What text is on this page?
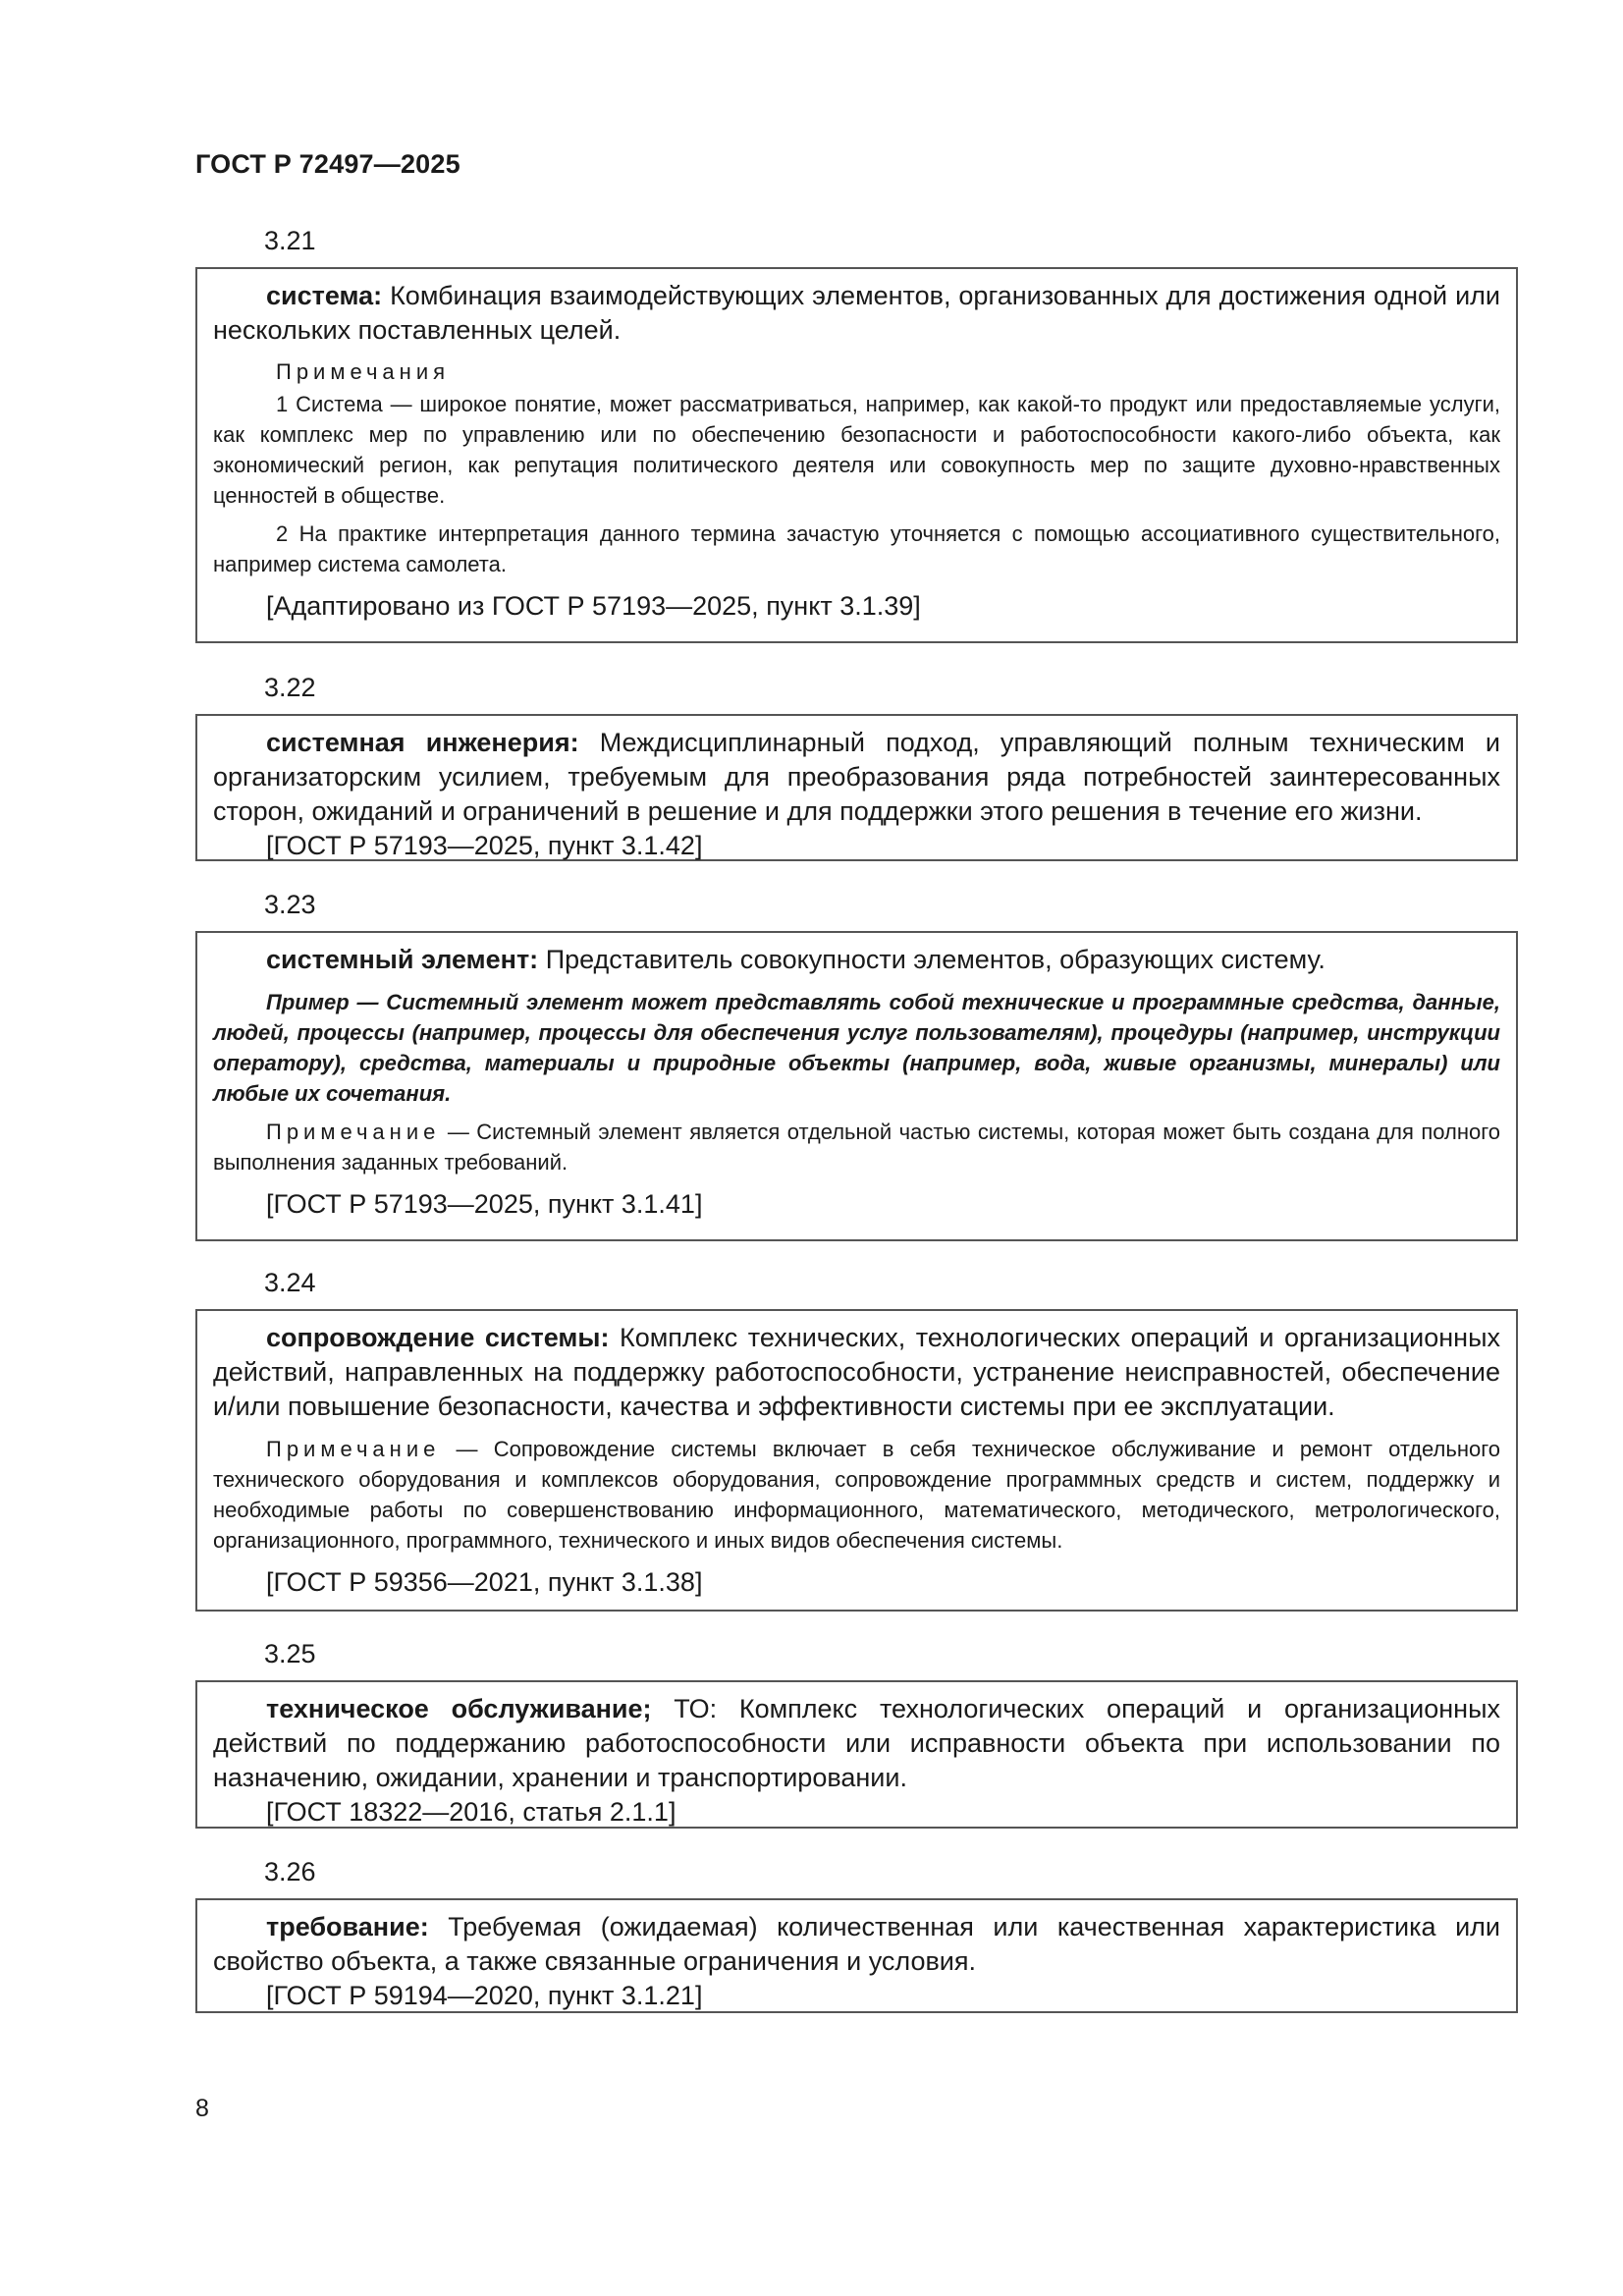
ГОСТ Р 72497—2025
3.21

система: Комбинация взаимодействующих элементов, организованных для достижения одной или нескольких поставленных целей.

Примечания

1 Система — широкое понятие, может рассматриваться, например, как какой-то продукт или предоставляемые услуги, как комплекс мер по управлению или по обеспечению безопасности и работоспособности какого-либо объекта, как экономический регион, как репутация политического деятеля или совокупность мер по защите духовно-нравственных ценностей в обществе.

2 На практике интерпретация данного термина зачастую уточняется с помощью ассоциативного существительного, например система самолета.

[Адаптировано из ГОСТ Р 57193—2025, пункт 3.1.39]

3.22

системная инженерия: Междисциплинарный подход, управляющий полным техническим и организаторским усилием, требуемым для преобразования ряда потребностей заинтересованных сторон, ожиданий и ограничений в решение и для поддержки этого решения в течение его жизни.

[ГОСТ Р 57193—2025, пункт 3.1.42]

3.23

системный элемент: Представитель совокупности элементов, образующих систему.

Пример — Системный элемент может представлять собой технические и программные средства, данные, людей, процессы (например, процессы для обеспечения услуг пользователям), процедуры (например, инструкции оператору), средства, материалы и природные объекты (например, вода, живые организмы, минералы) или любые их сочетания.

Примечание — Системный элемент является отдельной частью системы, которая может быть создана для полного выполнения заданных требований.

[ГОСТ Р 57193—2025, пункт 3.1.41]

3.24

сопровождение системы: Комплекс технических, технологических операций и организационных действий, направленных на поддержку работоспособности, устранение неисправностей, обеспечение и/или повышение безопасности, качества и эффективности системы при ее эксплуатации.

Примечание — Сопровождение системы включает в себя техническое обслуживание и ремонт отдельного технического оборудования и комплексов оборудования, сопровождение программных средств и систем, поддержку и необходимые работы по совершенствованию информационного, математического, методического, метрологического, организационного, программного, технического и иных видов обеспечения системы.

[ГОСТ Р 59356—2021, пункт 3.1.38]

3.25

техническое обслуживание; ТО: Комплекс технологических операций и организационных действий по поддержанию работоспособности или исправности объекта при использовании по назначению, ожидании, хранении и транспортировании.

[ГОСТ 18322—2016, статья 2.1.1]

3.26

требование: Требуемая (ожидаемая) количественная или качественная характеристика или свойство объекта, а также связанные ограничения и условия.

[ГОСТ Р 59194—2020, пункт 3.1.21]

8
